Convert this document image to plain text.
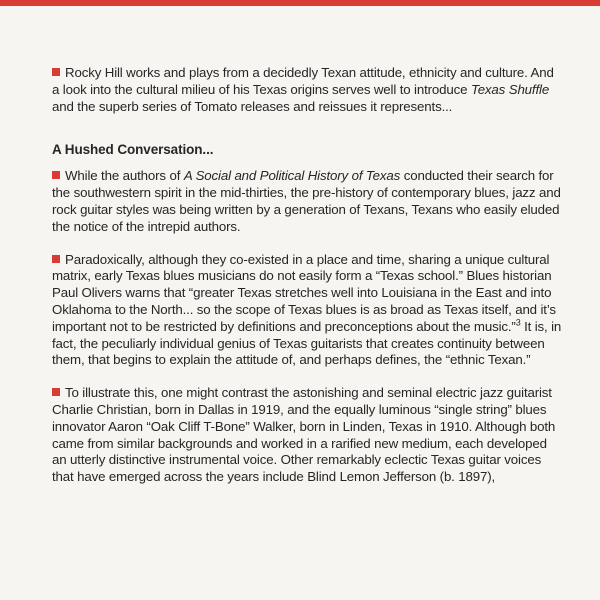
Rocky Hill works and plays from a decidedly Texan attitude, ethnicity and culture. And a look into the cultural milieu of his Texas origins serves well to introduce Texas Shuffle and the superb series of Tomato releases and reissues it represents...

A Hushed Conversation...

While the authors of A Social and Political History of Texas conducted their search for the southwestern spirit in the mid-thirties, the pre-history of contemporary blues, jazz and rock guitar styles was being written by a generation of Texans, Texans who easily eluded the notice of the intrepid authors.

Paradoxically, although they co-existed in a place and time, sharing a unique cultural matrix, early Texas blues musicians do not easily form a “Texas school.” Blues historian Paul Olivers warns that “greater Texas stretches well into Louisiana in the East and into Oklahoma to the North... so the scope of Texas blues is as broad as Texas itself, and it’s important not to be restricted by definitions and preconceptions about the music.”$^3$ It is, in fact, the peculiarly individual genius of Texas guitarists that creates continuity between them, that begins to explain the attitude of, and perhaps defines, the “ethnic Texan.”

To illustrate this, one might contrast the astonishing and seminal electric jazz guitarist Charlie Christian, born in Dallas in 1919, and the equally luminous “single string” blues innovator Aaron “Oak Cliff T-Bone” Walker, born in Linden, Texas in 1910. Although both came from similar backgrounds and worked in a rarified new medium, each developed an utterly distinctive instrumental voice. Other remarkably eclectic Texas guitar voices that have emerged across the years include Blind Lemon Jefferson (b. 1897),
